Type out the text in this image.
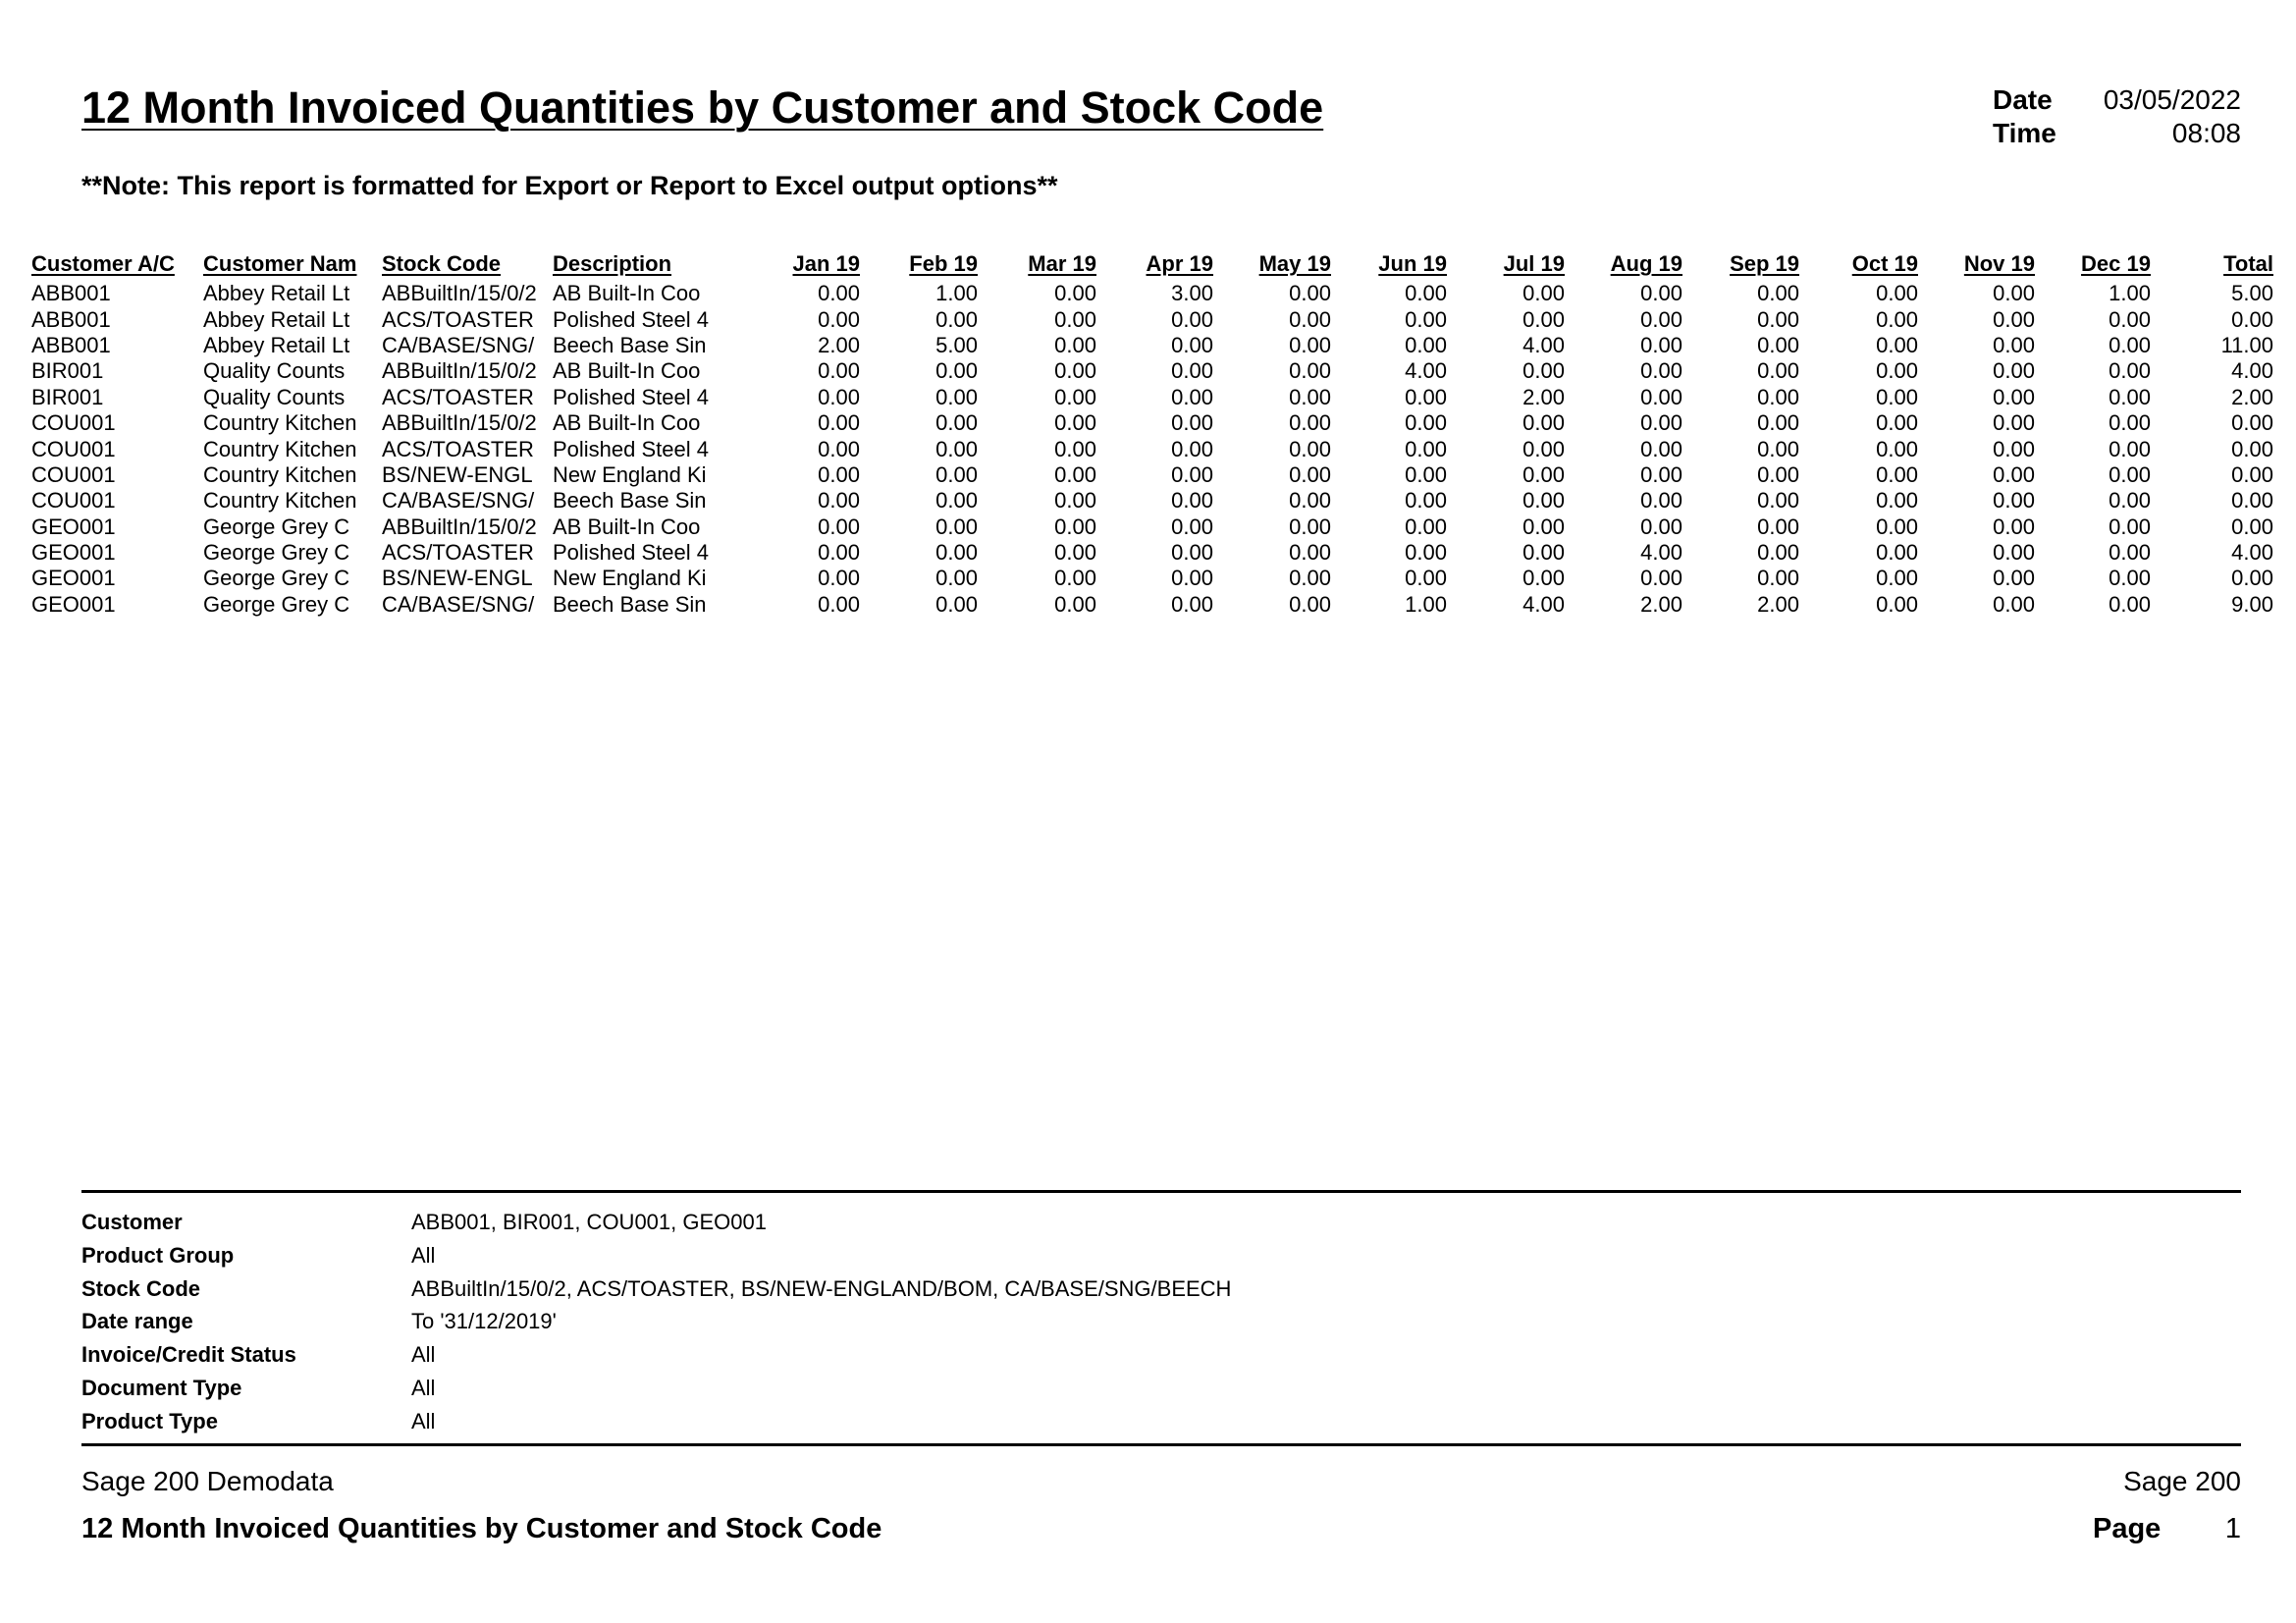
12 Month Invoiced Quantities by Customer and Stock Code	Date 03/05/2022
Time	08:08
**Note: This report is formatted for Export or Report to Excel output options**
Customer A/C	Customer Nam	Stock Code	Description	Jan 19	Feb 19	Mar 19	Apr 19	May 19	Jun 19	Jul 19	Aug 19	Sep 19	Oct 19	Nov 19	Dec 19	Total
ABB001	Abbey Retail Lt	ABBuiltIn/15/0/2	AB Built-In Coo	0.00	1.00	0.00	3.00	0.00	0.00	0.00	0.00	0.00	0.00	0.00	1.00	5.00
ABB001	Abbey Retail Lt	ACS/TOASTER	Polished Steel 4	0.00	0.00	0.00	0.00	0.00	0.00	0.00	0.00	0.00	0.00	0.00	0.00	0.00
ABB001	Abbey Retail Lt	CA/BASE/SNG/	Beech Base Sin	2.00	5.00	0.00	0.00	0.00	0.00	4.00	0.00	0.00	0.00	0.00	0.00	11.00
BIR001	Quality Counts	ABBuiltIn/15/0/2	AB Built-In Coo	0.00	0.00	0.00	0.00	0.00	4.00	0.00	0.00	0.00	0.00	0.00	0.00	4.00
BIR001	Quality Counts	ACS/TOASTER	Polished Steel 4	0.00	0.00	0.00	0.00	0.00	0.00	2.00	0.00	0.00	0.00	0.00	0.00	2.00
COU001	Country Kitchen	ABBuiltIn/15/0/2	AB Built-In Coo	0.00	0.00	0.00	0.00	0.00	0.00	0.00	0.00	0.00	0.00	0.00	0.00	0.00
COU001	Country Kitchen	ACS/TOASTER	Polished Steel 4	0.00	0.00	0.00	0.00	0.00	0.00	0.00	0.00	0.00	0.00	0.00	0.00	0.00
COU001	Country Kitchen	BS/NEW-ENGL	New England Ki	0.00	0.00	0.00	0.00	0.00	0.00	0.00	0.00	0.00	0.00	0.00	0.00	0.00
COU001	Country Kitchen	CA/BASE/SNG/	Beech Base Sin	0.00	0.00	0.00	0.00	0.00	0.00	0.00	0.00	0.00	0.00	0.00	0.00	0.00
GEO001	George Grey C	ABBuiltIn/15/0/2	AB Built-In Coo	0.00	0.00	0.00	0.00	0.00	0.00	0.00	0.00	0.00	0.00	0.00	0.00	0.00
GEO001	George Grey C	ACS/TOASTER	Polished Steel 4	0.00	0.00	0.00	0.00	0.00	0.00	0.00	4.00	0.00	0.00	0.00	0.00	4.00
GEO001	George Grey C	BS/NEW-ENGL	New England Ki	0.00	0.00	0.00	0.00	0.00	0.00	0.00	0.00	0.00	0.00	0.00	0.00	0.00
GEO001	George Grey C	CA/BASE/SNG/	Beech Base Sin	0.00	0.00	0.00	0.00	0.00	1.00	4.00	2.00	2.00	0.00	0.00	0.00	9.00
Customer	ABB001, BIR001, COU001, GEO001
Product Group	All
Stock Code	ABBuiltIn/15/0/2, ACS/TOASTER, BS/NEW-ENGLAND/BOM, CA/BASE/SNG/BEECH
Date range	To '31/12/2019'
Invoice/Credit Status	All
Document Type	All
Product Type	All
Sage 200 Demodata	Sage 200
12 Month Invoiced Quantities by Customer and Stock Code	Page 1
